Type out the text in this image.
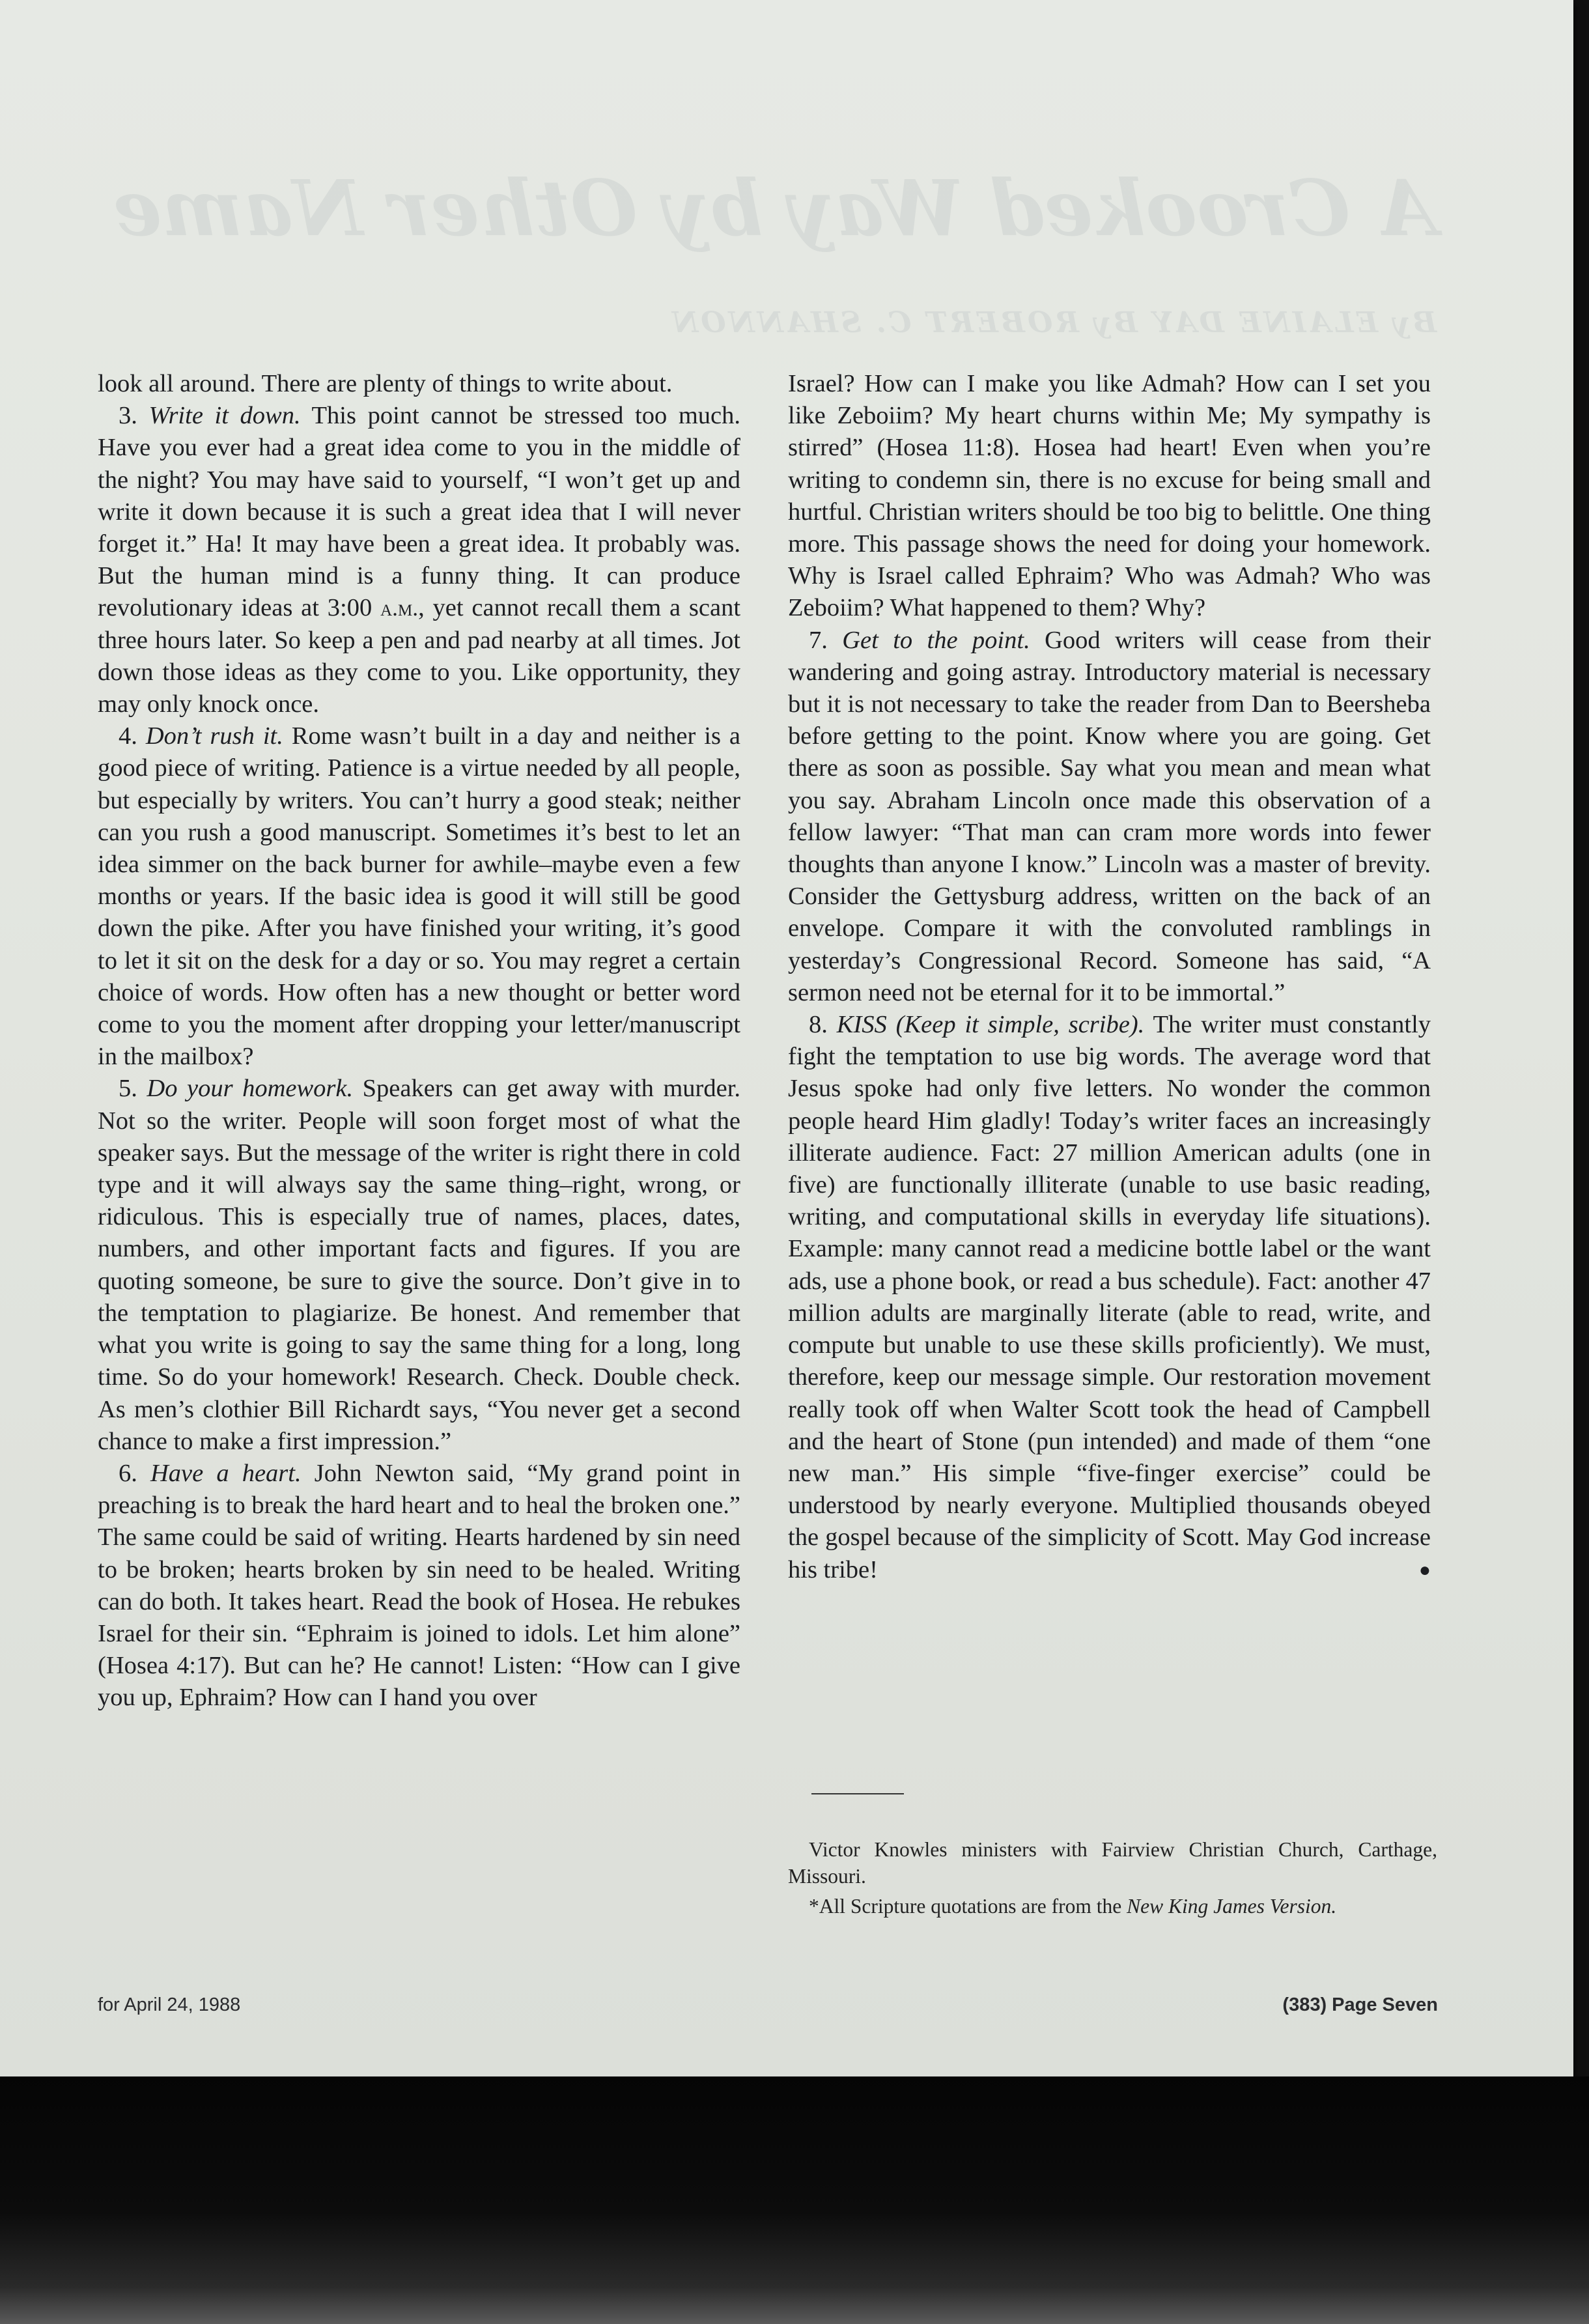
A Crooked Way by Other Name
By ELAINE DAY By ROBERT C. SHANNON

look all around. There are plenty of things to write about.

3. Write it down. This point cannot be stressed too much. Have you ever had a great idea come to you in the middle of the night? You may have said to yourself, “I won’t get up and write it down because it is such a great idea that I will never forget it.” Ha! It may have been a great idea. It probably was. But the human mind is a funny thing. It can produce revolutionary ideas at 3:00 a.m., yet cannot recall them a scant three hours later. So keep a pen and pad nearby at all times. Jot down those ideas as they come to you. Like opportunity, they may only knock once.

4. Don’t rush it. Rome wasn’t built in a day and neither is a good piece of writing. Patience is a virtue needed by all people, but especially by writers. You can’t hurry a good steak; neither can you rush a good manuscript. Sometimes it’s best to let an idea simmer on the back burner for awhile–maybe even a few months or years. If the basic idea is good it will still be good down the pike. After you have finished your writing, it’s good to let it sit on the desk for a day or so. You may regret a certain choice of words. How often has a new thought or better word come to you the moment after dropping your letter/manuscript in the mailbox?

5. Do your homework. Speakers can get away with murder. Not so the writer. People will soon forget most of what the speaker says. But the message of the writer is right there in cold type and it will always say the same thing–right, wrong, or ridiculous. This is especially true of names, places, dates, numbers, and other important facts and figures. If you are quoting someone, be sure to give the source. Don’t give in to the temptation to plagiarize. Be honest. And remember that what you write is going to say the same thing for a long, long time. So do your homework! Research. Check. Double check. As men’s clothier Bill Richardt says, “You never get a second chance to make a first impression.”

6. Have a heart. John Newton said, “My grand point in preaching is to break the hard heart and to heal the broken one.” The same could be said of writing. Hearts hardened by sin need to be broken; hearts broken by sin need to be healed. Writing can do both. It takes heart. Read the book of Hosea. He rebukes Israel for their sin. “Ephraim is joined to idols. Let him alone” (Hosea 4:17). But can he? He cannot! Listen: “How can I give you up, Ephraim? How can I hand you over

Israel? How can I make you like Admah? How can I set you like Zeboiim? My heart churns within Me; My sympathy is stirred” (Hosea 11:8). Hosea had heart! Even when you’re writing to condemn sin, there is no excuse for being small and hurtful. Christian writers should be too big to belittle. One thing more. This passage shows the need for doing your homework. Why is Israel called Ephraim? Who was Admah? Who was Zeboiim? What happened to them? Why?

7. Get to the point. Good writers will cease from their wandering and going astray. Introductory material is necessary but it is not necessary to take the reader from Dan to Beersheba before getting to the point. Know where you are going. Get there as soon as possible. Say what you mean and mean what you say. Abraham Lincoln once made this observation of a fellow lawyer: “That man can cram more words into fewer thoughts than anyone I know.” Lincoln was a master of brevity. Consider the Gettysburg address, written on the back of an envelope. Compare it with the convoluted ramblings in yesterday’s Congressional Record. Someone has said, “A sermon need not be eternal for it to be immortal.”

8. KISS (Keep it simple, scribe). The writer must constantly fight the temptation to use big words. The average word that Jesus spoke had only five letters. No wonder the common people heard Him gladly! Today’s writer faces an increasingly illiterate audience. Fact: 27 million American adults (one in five) are functionally illiterate (unable to use basic reading, writing, and computational skills in everyday life situations). Example: many cannot read a medicine bottle label or the want ads, use a phone book, or read a bus schedule). Fact: another 47 million adults are marginally literate (able to read, write, and compute but unable to use these skills proficiently). We must, therefore, keep our message simple. Our restoration movement really took off when Walter Scott took the head of Campbell and the heart of Stone (pun intended) and made of them “one new man.” His simple “five-finger exercise” could be understood by nearly everyone. Multiplied thousands obeyed the gospel because of the simplicity of Scott. May God increase his tribe!	●

Victor Knowles ministers with Fairview Christian Church, Carthage, Missouri.

*All Scripture quotations are from the New King James Version.

for April 24, 1988	(383) Page Seven
